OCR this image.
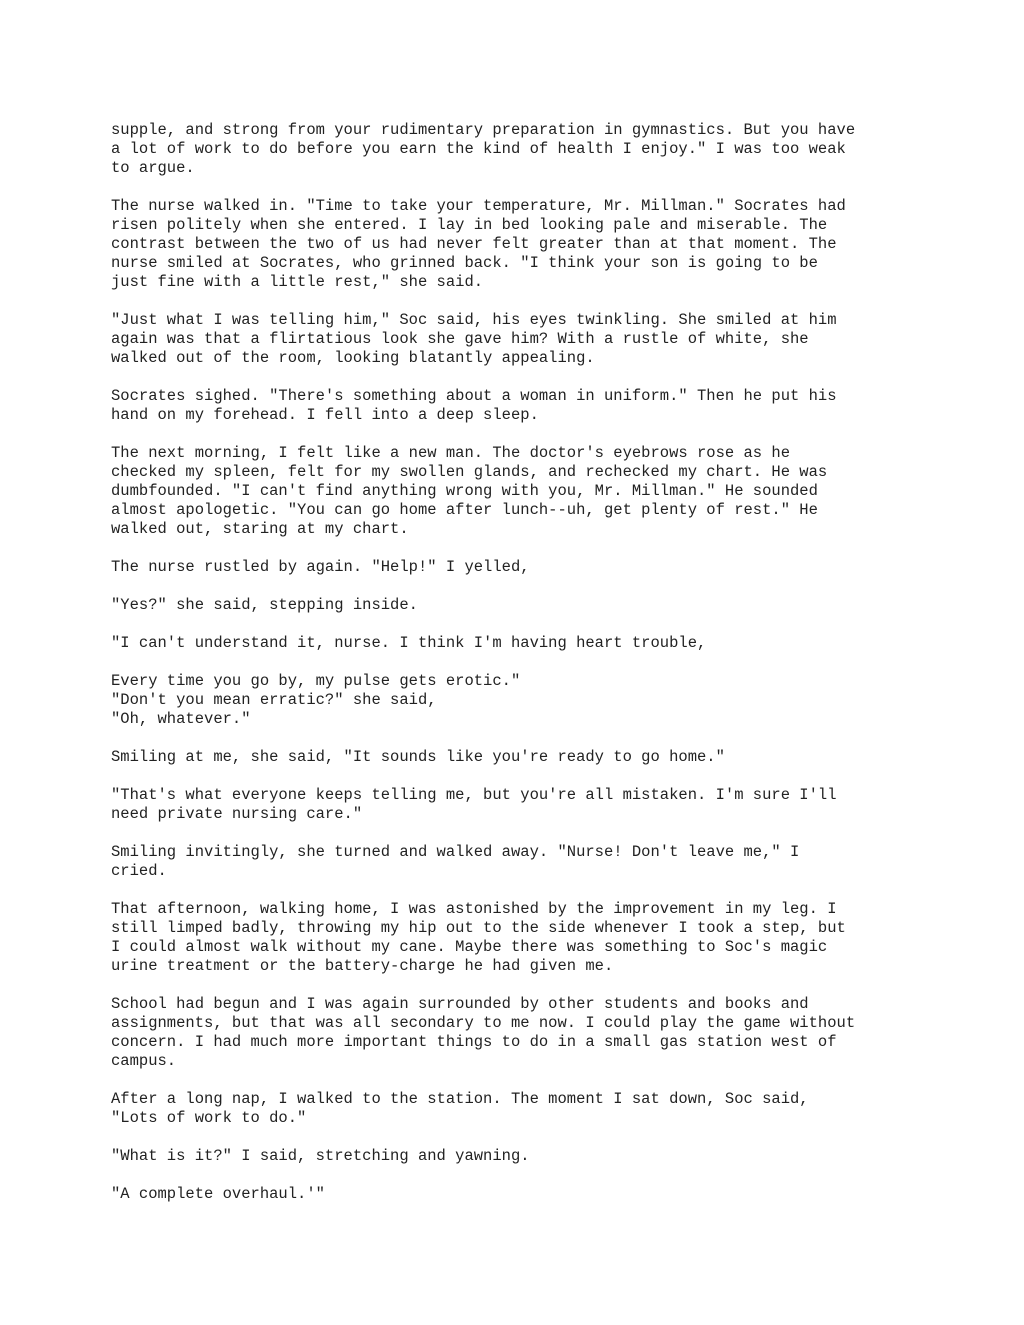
supple, and strong from your rudimentary preparation in gymnastics. But you have
a lot of work to do before you earn the kind of health I enjoy." I was too weak
to argue.

The nurse walked in. "Time to take your temperature, Mr. Millman." Socrates had
risen politely when she entered. I lay in bed looking pale and miserable. The
contrast between the two of us had never felt greater than at that moment. The
nurse smiled at Socrates, who grinned back. "I think your son is going to be
just fine with a little rest," she said.

"Just what I was telling him," Soc said, his eyes twinkling. She smiled at him
again was that a flirtatious look she gave him? With a rustle of white, she
walked out of the room, looking blatantly appealing.

Socrates sighed. "There's something about a woman in uniform." Then he put his
hand on my forehead. I fell into a deep sleep.

The next morning, I felt like a new man. The doctor's eyebrows rose as he
checked my spleen, felt for my swollen glands, and rechecked my chart. He was
dumbfounded. "I can't find anything wrong with you, Mr. Millman." He sounded
almost apologetic. "You can go home after lunch--uh, get plenty of rest." He
walked out, staring at my chart.

The nurse rustled by again. "Help!" I yelled,

"Yes?" she said, stepping inside.

"I can't understand it, nurse. I think I'm having heart trouble,

Every time you go by, my pulse gets erotic."
"Don't you mean erratic?" she said,
"Oh, whatever."

Smiling at me, she said, "It sounds like you're ready to go home."

"That's what everyone keeps telling me, but you're all mistaken. I'm sure I'll
need private nursing care."

Smiling invitingly, she turned and walked away. "Nurse! Don't leave me," I
cried.

That afternoon, walking home, I was astonished by the improvement in my leg. I
still limped badly, throwing my hip out to the side whenever I took a step, but
I could almost walk without my cane. Maybe there was something to Soc's magic
urine treatment or the battery-charge he had given me.

School had begun and I was again surrounded by other students and books and
assignments, but that was all secondary to me now. I could play the game without
concern. I had much more important things to do in a small gas station west of
campus.

After a long nap, I walked to the station. The moment I sat down, Soc said,
"Lots of work to do."

"What is it?" I said, stretching and yawning.

"A complete overhaul.'"
